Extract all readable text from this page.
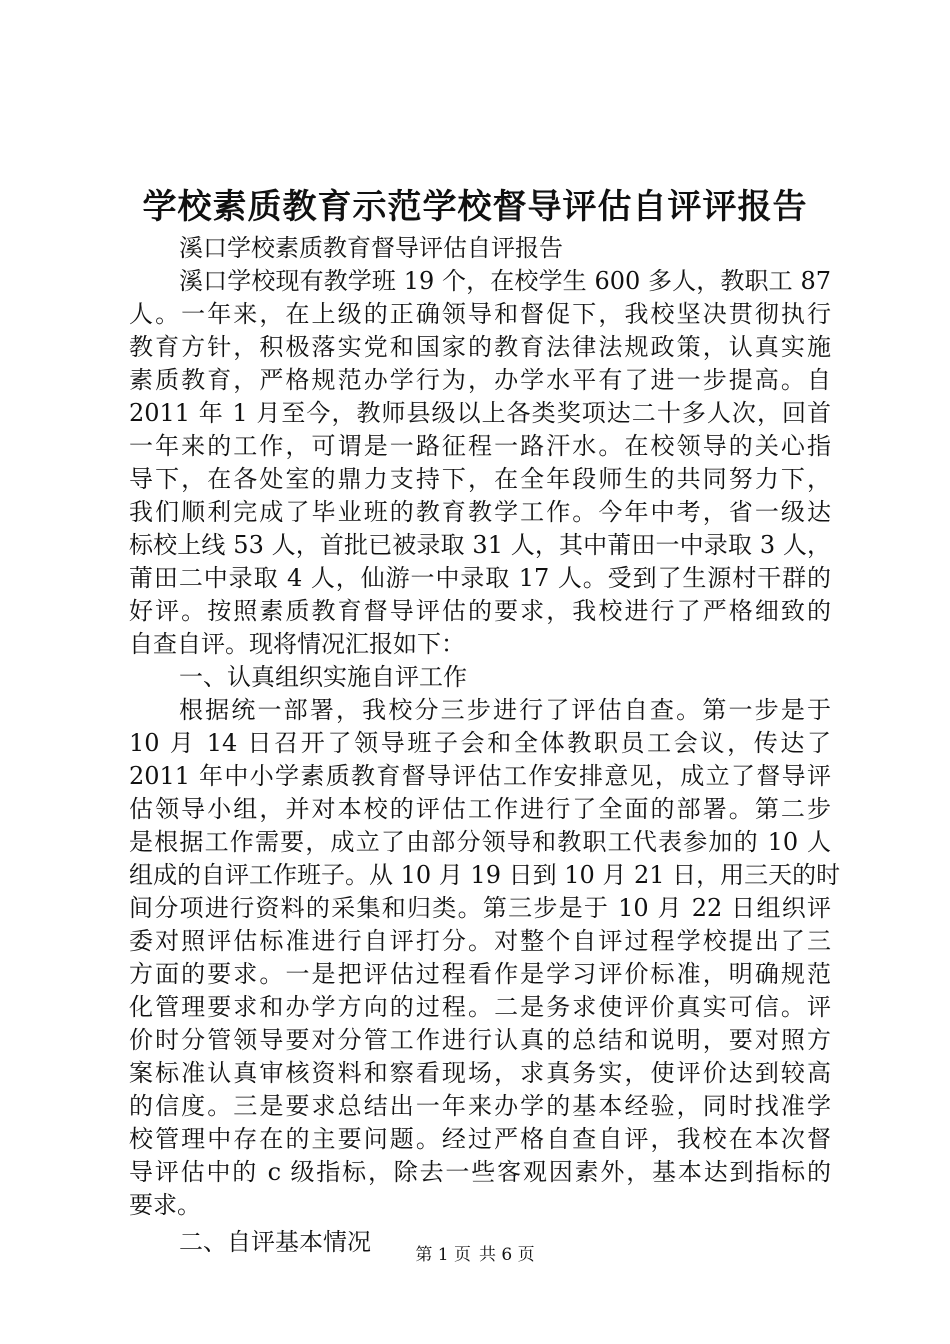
学校素质教育示范学校督导评估自评评报告
溪口学校素质教育督导评估自评报告
溪口学校现有教学班 19 个，在校学生 600 多人，教职工 87
人。一年来，在上级的正确领导和督促下，我校坚决贯彻执行
教育方针，积极落实党和国家的教育法律法规政策，认真实施
素质教育，严格规范办学行为，办学水平有了进一步提高。自
2011 年 1 月至今，教师县级以上各类奖项达二十多人次，回首
一年来的工作，可谓是一路征程一路汗水。在校领导的关心指
导下，在各处室的鼎力支持下，在全年段师生的共同努力下，
我们顺利完成了毕业班的教育教学工作。今年中考，省一级达
标校上线 53 人，首批已被录取 31 人，其中莆田一中录取 3 人，
莆田二中录取 4 人，仙游一中录取 17 人。受到了生源村干群的
好评。按照素质教育督导评估的要求，我校进行了严格细致的
自查自评。现将情况汇报如下：
一、认真组织实施自评工作
根据统一部署，我校分三步进行了评估自查。第一步是于
10 月 14 日召开了领导班子会和全体教职员工会议，传达了
2011 年中小学素质教育督导评估工作安排意见，成立了督导评
估领导小组，并对本校的评估工作进行了全面的部署。第二步
是根据工作需要，成立了由部分领导和教职工代表参加的 10 人
组成的自评工作班子。从 10 月 19 日到 10 月 21 日，用三天的时
间分项进行资料的采集和归类。第三步是于 10 月 22 日组织评
委对照评估标准进行自评打分。对整个自评过程学校提出了三
方面的要求。一是把评估过程看作是学习评价标准，明确规范
化管理要求和办学方向的过程。二是务求使评价真实可信。评
价时分管领导要对分管工作进行认真的总结和说明，要对照方
案标准认真审核资料和察看现场，求真务实，使评价达到较高
的信度。三是要求总结出一年来办学的基本经验，同时找准学
校管理中存在的主要问题。经过严格自查自评，我校在本次督
导评估中的 c 级指标，除去一些客观因素外，基本达到指标的
要求。
二、自评基本情况	第 1 页 共 6 页
